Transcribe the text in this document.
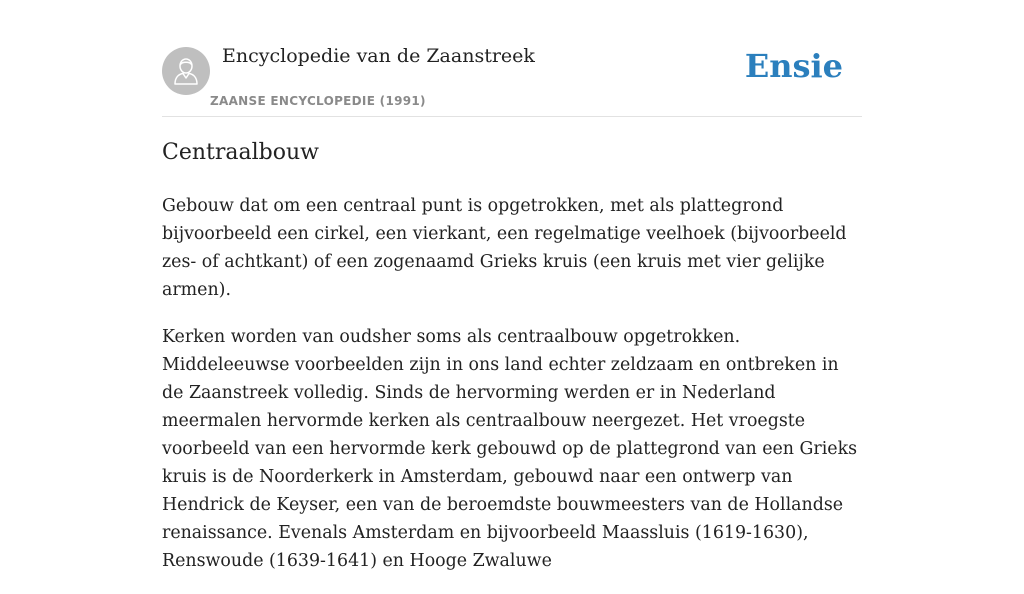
Encyclopedie van de Zaanstreek
ZAANSE ENCYCLOPEDIE (1991)
Ensie
Centraalbouw

Gebouw dat om een centraal punt is opgetrokken, met als plattegrond bijvoorbeeld een cirkel, een vierkant, een regelmatige veelhoek (bijvoorbeeld zes- of achtkant) of een zogenaamd Grieks kruis (een kruis met vier gelijke armen).

Kerken worden van oudsher soms als centraalbouw opgetrokken. Middeleeuwse voorbeelden zijn in ons land echter zeldzaam en ontbreken in de Zaanstreek volledig. Sinds de hervorming werden er in Nederland meermalen hervormde kerken als centraalbouw neergezet. Het vroegste voorbeeld van een hervormde kerk gebouwd op de plattegrond van een Grieks kruis is de Noorderkerk in Amsterdam, gebouwd naar een ontwerp van Hendrick de Keyser, een van de beroemdste bouwmeesters van de Hollandse renaissance. Evenals Amsterdam en bijvoorbeeld Maassluis (1619-1630), Renswoude (1639-1641) en Hooge Zwaluwe
